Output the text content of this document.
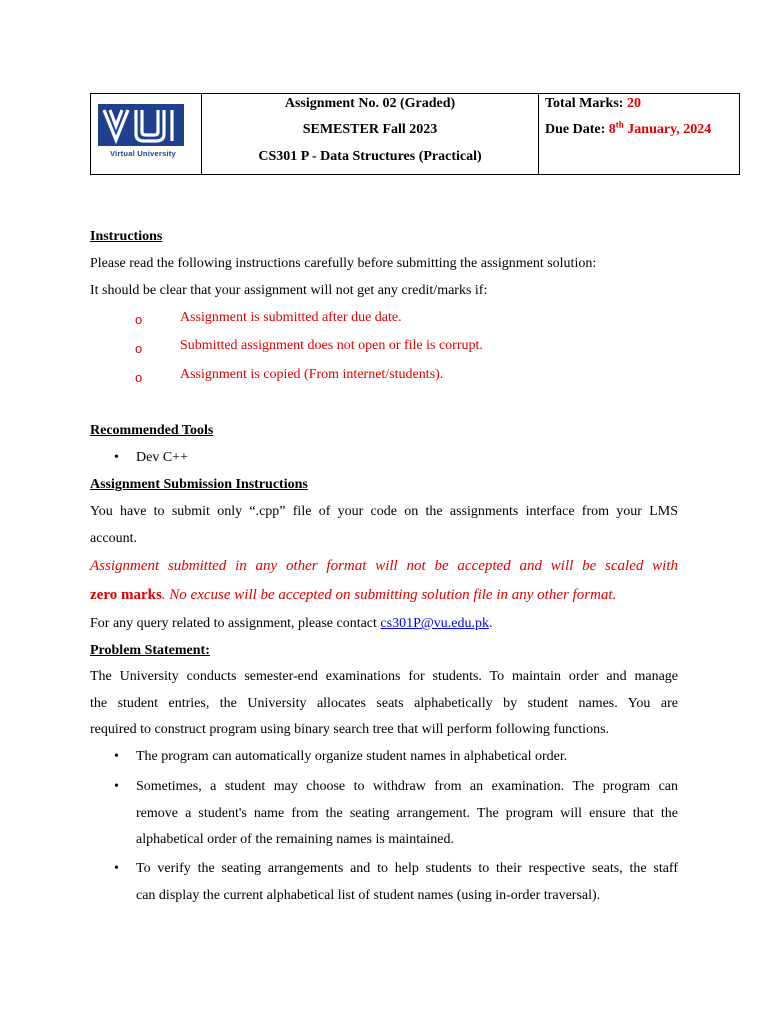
Virtual University
Assignment No. 02 (Graded)
SEMESTER Fall 2023
CS301 P - Data Structures (Practical)
Total Marks: 20
Due Date: 8th January, 2024
Instructions
Please read the following instructions carefully before submitting the assignment solution:
It should be clear that your assignment will not get any credit/marks if:
o	Assignment is submitted after due date.
o	Submitted assignment does not open or file is corrupt.
o	Assignment is copied (From internet/students).
Recommended Tools
• Dev C++
Assignment Submission Instructions
You have to submit only “.cpp” file of your code on the assignments interface from your LMS
account.
Assignment submitted in any other format will not be accepted and will be scaled with
zero marks. No excuse will be accepted on submitting solution file in any other format.
For any query related to assignment, please contact cs301P@vu.edu.pk.
Problem Statement:
The University conducts semester-end examinations for students. To maintain order and manage
the student entries, the University allocates seats alphabetically by student names. You are
required to construct program using binary search tree that will perform following functions.
• The program can automatically organize student names in alphabetical order.
• Sometimes, a student may choose to withdraw from an examination. The program can
remove a student's name from the seating arrangement. The program will ensure that the
alphabetical order of the remaining names is maintained.
• To verify the seating arrangements and to help students to their respective seats, the staff
can display the current alphabetical list of student names (using in-order traversal).
